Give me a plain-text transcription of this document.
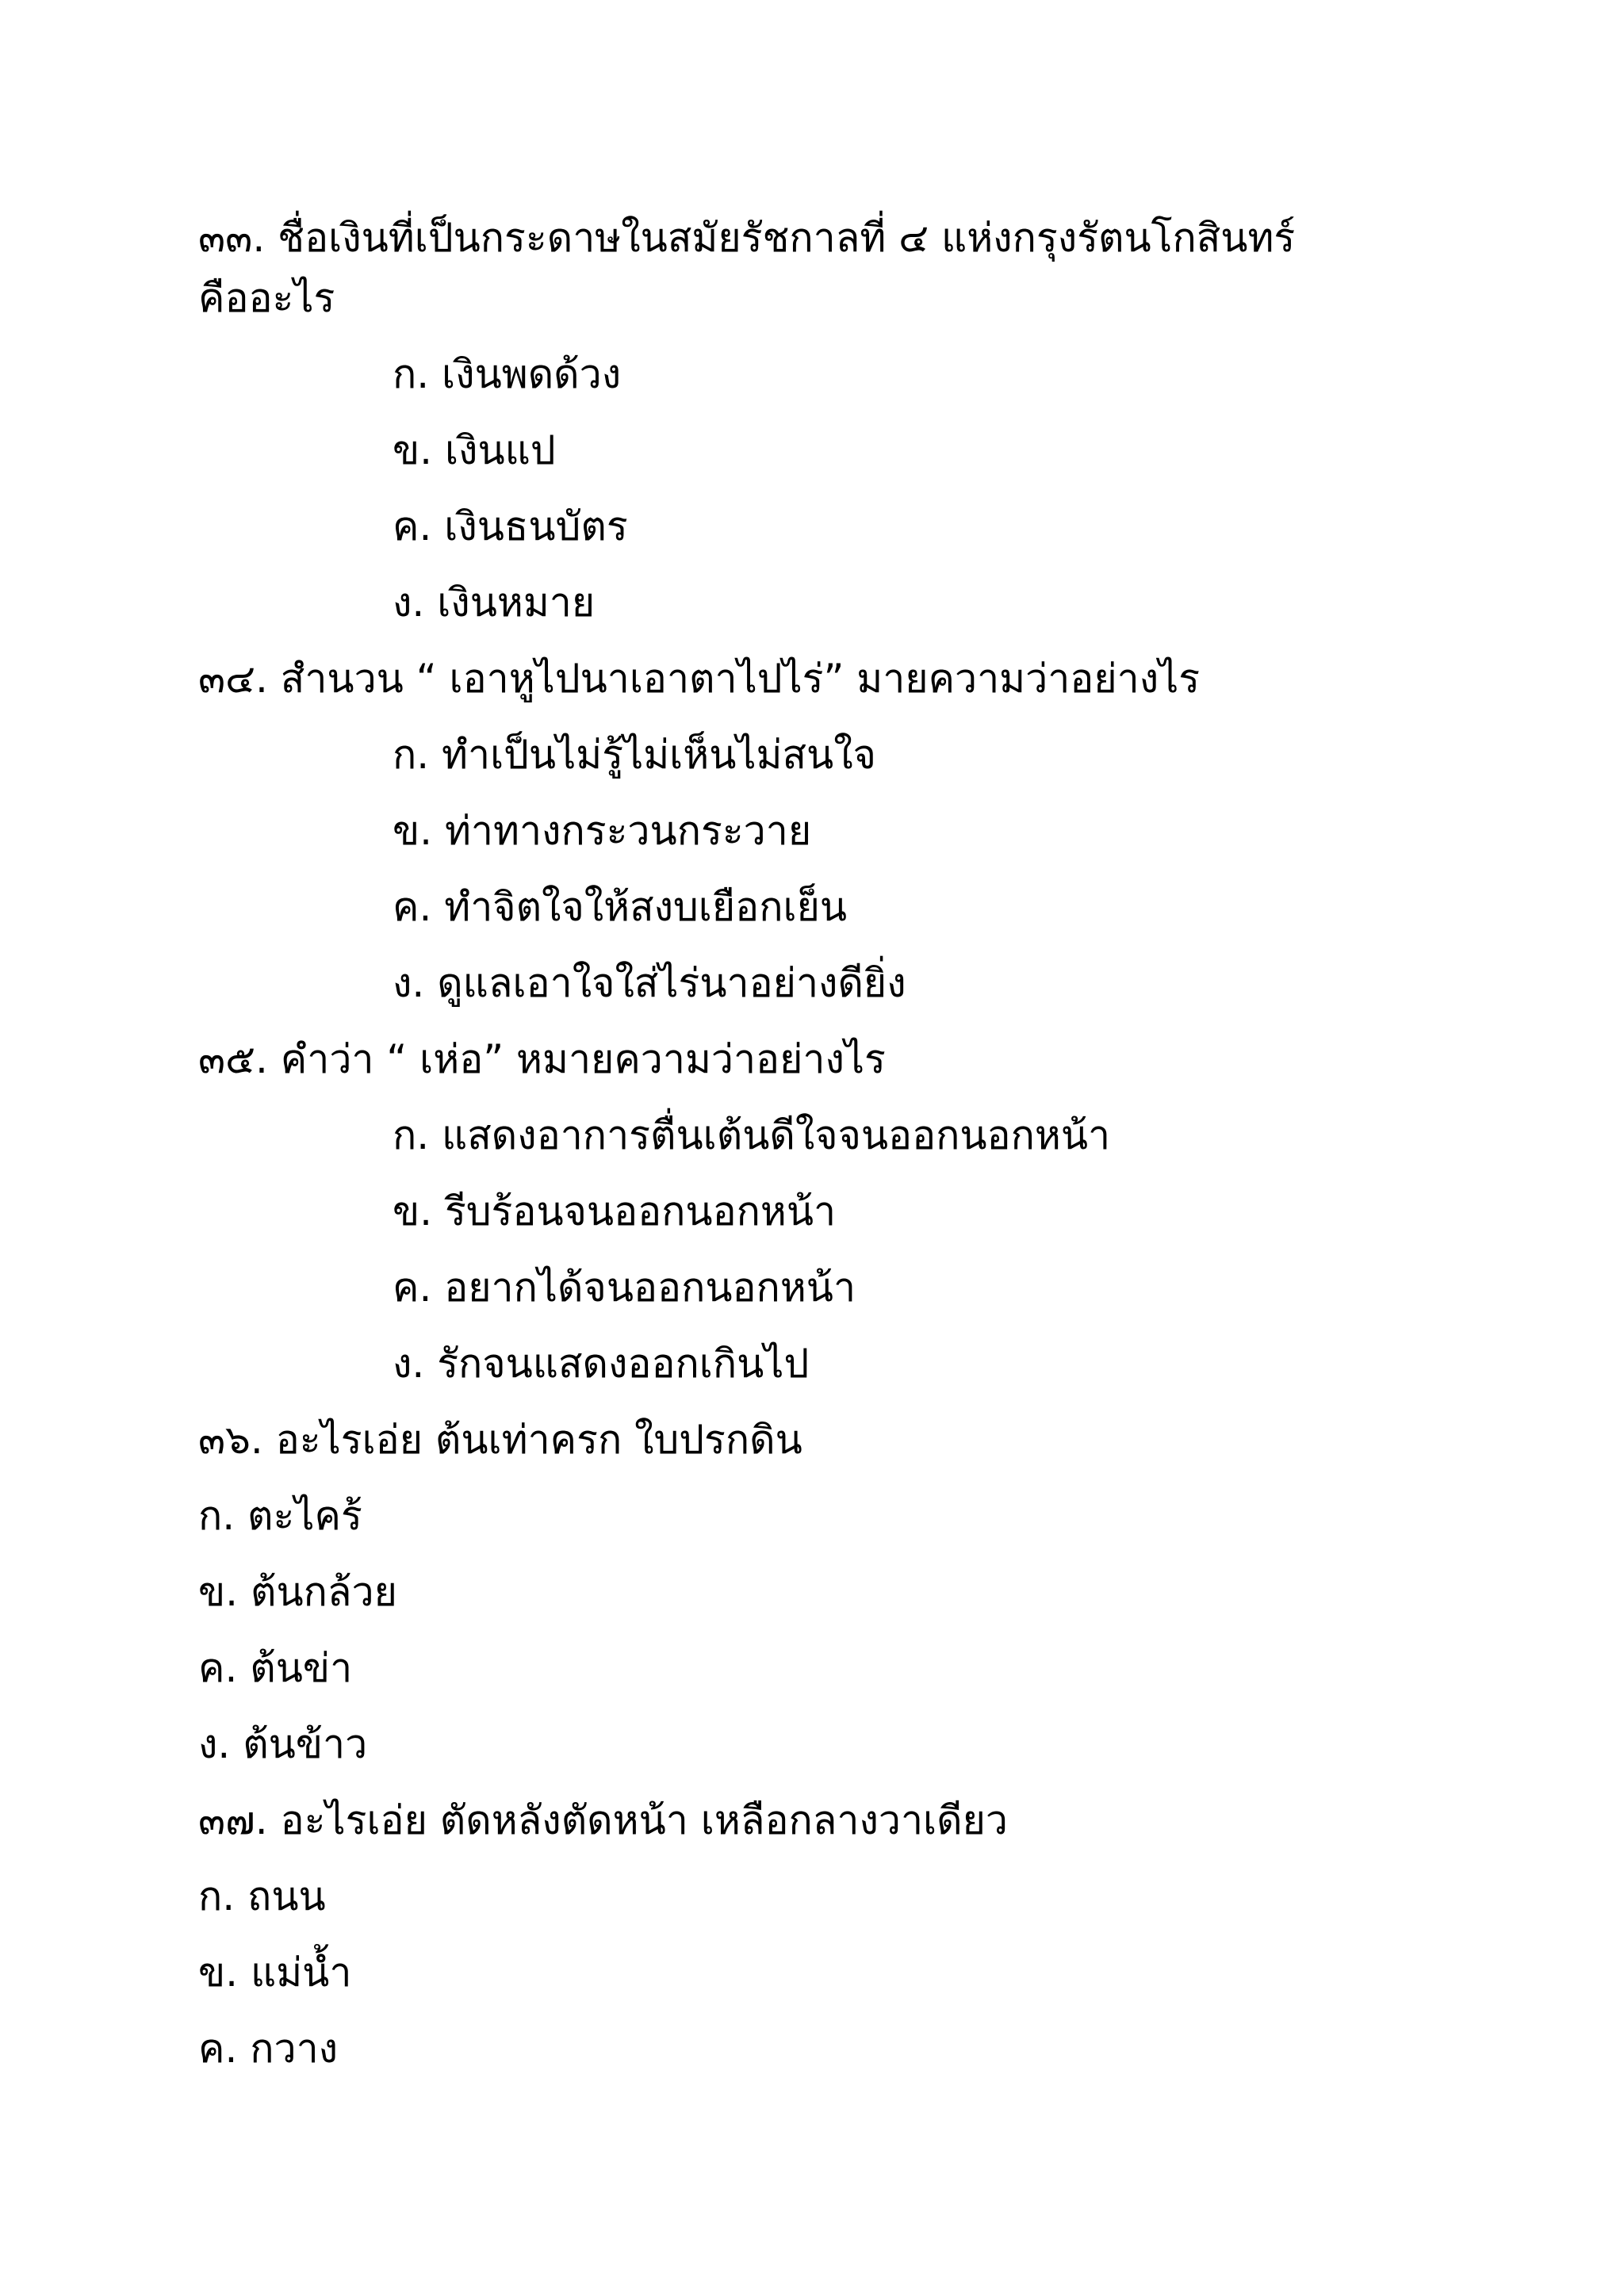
๓๓. ชื่อเงินที่เป็นกระดาษในสมัยรัชกาลที่ ๔ แห่งกรุงรัตนโกสินทร์
คืออะไร
ก. เงินพดด้วง
ข. เงินแป
ค. เงินธนบัตร
ง. เงินหมาย
๓๔. สำนวน “ เอาหูไปนาเอาตาไปไร่” มายความว่าอย่างไร
ก. ทำเป็นไม่รู้ไม่เห็นไม่สนใจ
ข. ท่าทางกระวนกระวาย
ค. ทำจิตใจให้สงบเยือกเย็น
ง. ดูแลเอาใจใส่ไร่นาอย่างดียิ่ง
๓๕. คำว่า “ เห่อ” หมายความว่าอย่างไร
ก. แสดงอาการตื่นเต้นดีใจจนออกนอกหน้า
ข. รีบร้อนจนออกนอกหน้า
ค. อยากได้จนออกนอกหน้า
ง. รักจนแสดงออกเกินไป
๓๖. อะไรเอ่ย ต้นเท่าครก ใบปรกดิน
ก. ตะไคร้
ข. ต้นกล้วย
ค. ต้นข่า
ง. ต้นข้าว
๓๗. อะไรเอ่ย ตัดหลังตัดหน้า เหลือกลางวาเดียว
ก. ถนน
ข. แม่น้ำ
ค. กวาง
